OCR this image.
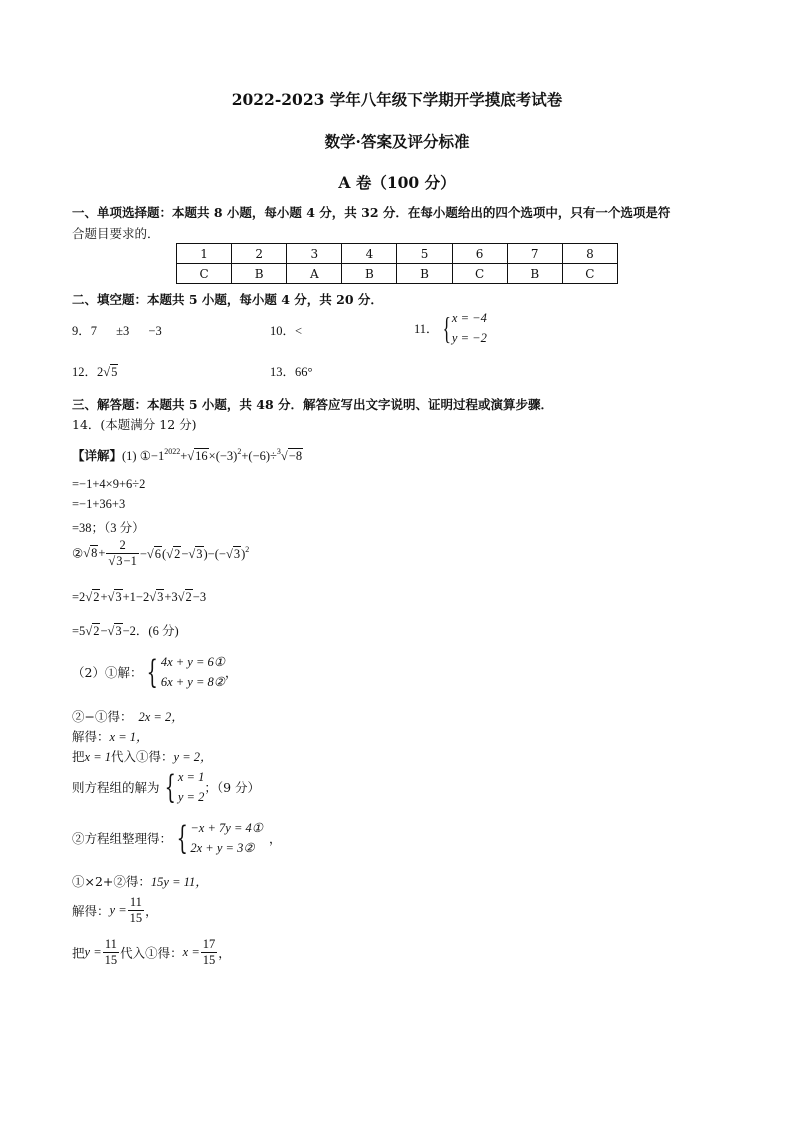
2022-2023 学年八年级下学期开学摸底考试卷
数学·答案及评分标准
A 卷（100 分）
一、单项选择题：本题共 8 小题，每小题 4 分，共 32 分．在每小题给出的四个选项中，只有一个选项是符
合题目要求的．
1	2	3	4	5	6	7	8
C	B	A	B	B	C	B	C
二、填空题：本题共 5 小题，每小题 4 分，共 20 分．
9．7 ±3 −3	10．<	11． { x = −4
y = −2
12．2√5	13．66°
三、解答题：本题共 5 小题，共 48 分．解答应写出文字说明、证明过程或演算步骤．
14．(本题满分 12 分)
【详解】(1) $①-1^{2022}+√16\times(-3)^2+(-6)\div^3√-8$
=−1+4×9+6÷2
=−1+36+3
=38；（3 分）
②√8+ $\frac{2}{√3-1} -√6(√2-√3)-(-√3)^2$
=2√2+√3+1−2√3+3√2−3
=5√2−√3−2．(6 分)
（2）①解： { 4x + y = 6①
6x + y = 8②
，
②−①得： 2x = 2，
解得：x = 1，
把x = 1代入①得：y = 2，
则方程组的解为 { x = 1
y = 2
；（9 分）
②方程组整理得： { −x + 7y = 4①
2x + y = 3②
，
①×2+②得：15y = 11，
解得：$y = \frac{11}{15}$ ，
把$y = \frac{11}{15}$ 代入①得：$x = \frac{17}{15}$ ，
